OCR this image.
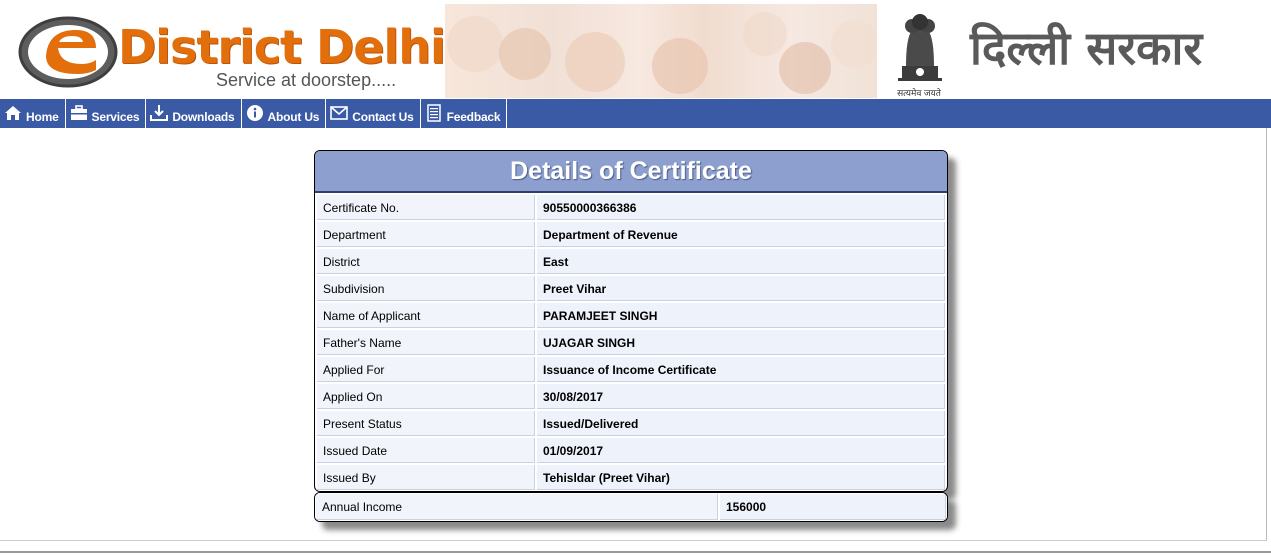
District Delhi
Service at doorstep.....
सत्यमेव जयते
दिल्ली सरकार
Home	Services	Downloads	About Us	Contact Us	Feedback
Details of Certificate
Certificate No.	90550000366386
Department	Department of Revenue
District	East
Subdivision	Preet Vihar
Name of Applicant	PARAMJEET SINGH
Father's Name	UJAGAR SINGH
Applied For	Issuance of Income Certificate
Applied On	30/08/2017
Present Status	Issued/Delivered
Issued Date	01/09/2017
Issued By	Tehisldar (Preet Vihar)
Annual Income	156000
